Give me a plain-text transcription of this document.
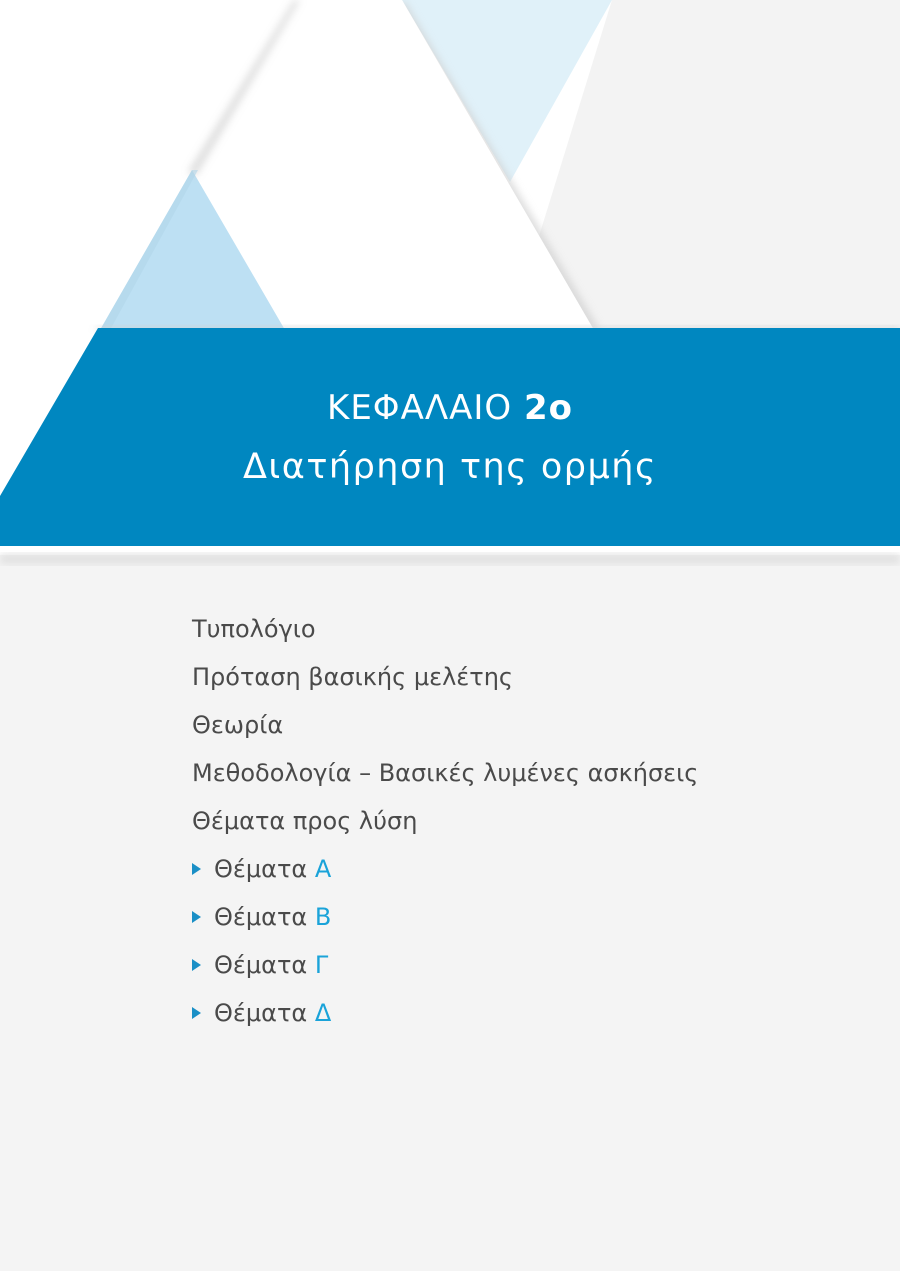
ΚΕΦΑΛΑΙΟ 2ο
Διατήρηση της ορμής
Τυπολόγιο
Πρόταση βασικής μελέτης
Θεωρία
Μεθοδολογία – Βασικές λυμένες ασκήσεις
Θέματα προς λύση
Θέματα Α
Θέματα Β
Θέματα Γ
Θέματα Δ
